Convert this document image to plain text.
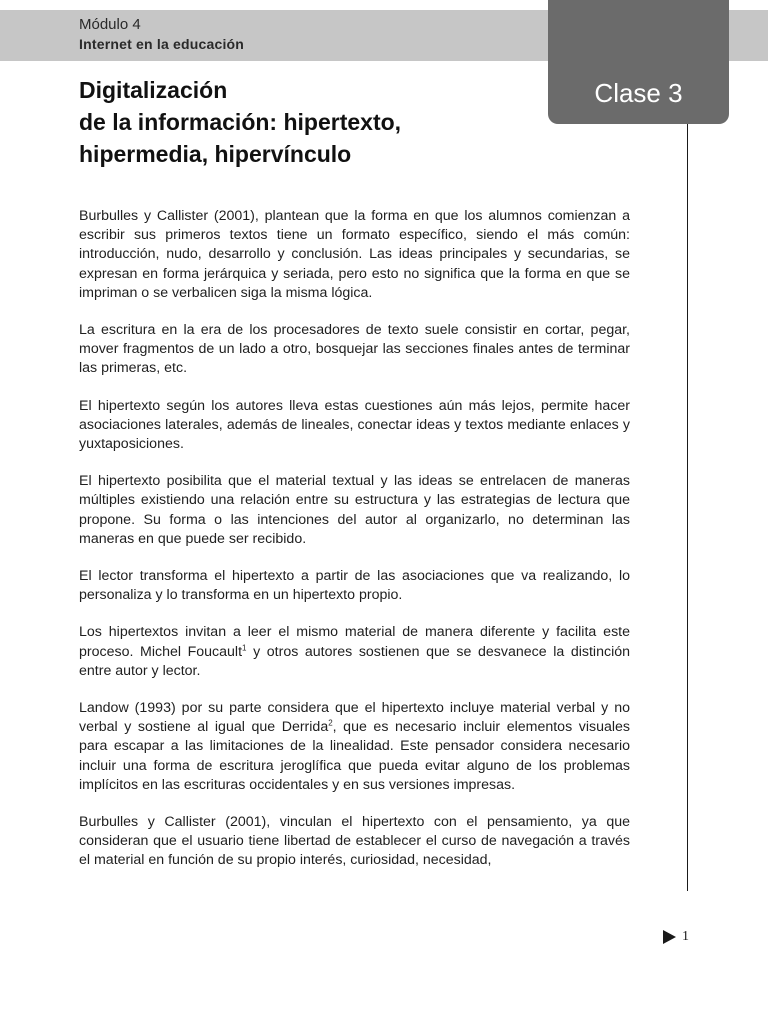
Módulo 4
Internet en la educación
Clase 3
Digitalización
de la información: hipertexto,
hipermedia, hipervínculo

Burbulles y Callister (2001), plantean que la forma en que los alumnos comienzan a escribir sus primeros textos tiene un formato específico, siendo el más común: introducción, nudo, desarrollo y conclusión. Las ideas principales y secundarias, se expresan en forma jerárquica y seriada, pero esto no significa que la forma en que se impriman o se verbalicen siga la misma lógica.

La escritura en la era de los procesadores de texto suele consistir en cortar, pegar, mover fragmentos de un lado a otro, bosquejar las secciones finales antes de terminar las primeras, etc.

El hipertexto según los autores lleva estas cuestiones aún más lejos, permite hacer asociaciones laterales, además de lineales, conectar ideas y textos mediante enlaces y yuxtaposiciones.

El hipertexto posibilita que el material textual y las ideas se entrelacen de maneras múltiples existiendo una relación entre su estructura y las estrategias de lectura que propone. Su forma o las intenciones del autor al organizarlo, no determinan las maneras en que puede ser recibido.

El lector transforma el hipertexto a partir de las asociaciones que va realizando, lo personaliza y lo transforma en un hipertexto propio.

Los hipertextos invitan a leer el mismo material de manera diferente y facilita este proceso. Michel Foucault$^1$ y otros autores sostienen que se desvanece la distinción entre autor y lector.

Landow (1993) por su parte considera que el hipertexto incluye material verbal y no verbal y sostiene al igual que Derrida$^2$, que es necesario incluir elementos visuales para escapar a las limitaciones de la linealidad. Este pensador considera necesario incluir una forma de escritura jeroglífica que pueda evitar alguno de los problemas implícitos en las escrituras occidentales y en sus versiones impresas.

Burbulles y Callister (2001), vinculan el hipertexto con el pensamiento, ya que consideran que el usuario tiene libertad de establecer el curso de navegación a través el material en función de su propio interés, curiosidad, necesidad,

1
